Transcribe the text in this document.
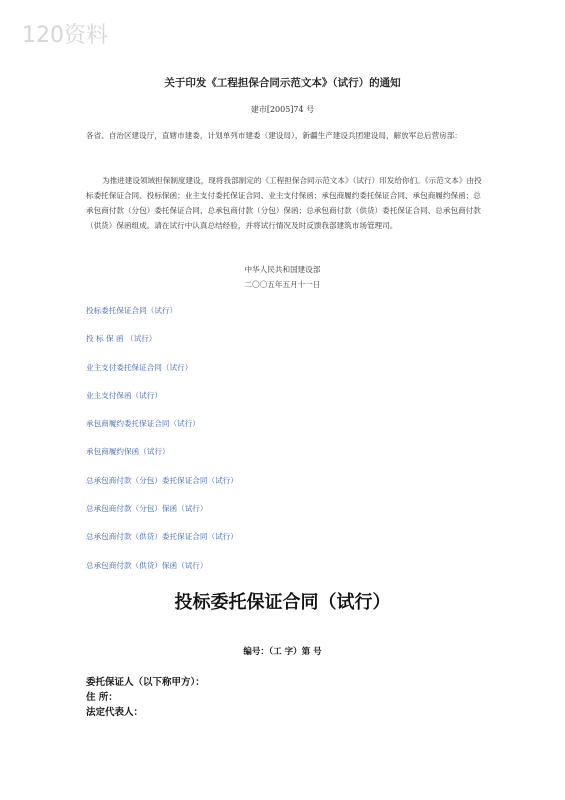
120资料
关于印发《工程担保合同示范文本》（试行）的通知
建市[2005]74 号
各省、自治区建设厅，直辖市建委，计划单列市建委（建设局），新疆生产建设兵团建设局，解放军总后营房部：
为推进建设领域担保制度建设，现将我部制定的《工程担保合同示范文本》（试行）印发给你们。《示范文本》由投标委托保证合同、投标保函；业主支付委托保证合同、业主支付保函；承包商履约委托保证合同、承包商履约保函；总承包商付款（分包）委托保证合同、总承包商付款（分包）保函；总承包商付款（供货）委托保证合同、总承包商付款（供货）保函组成。请在试行中认真总结经验，并将试行情况及时反馈我部建筑市场管理司。
中华人民共和国建设部
二〇〇五年五月十一日
投标委托保证合同（试行）
投 标 保 函 （试行）
业主支付委托保证合同（试行）
业主支付保函（试行）
承包商履约委托保证合同（试行）
承包商履约保函（试行）
总承包商付款（分包）委托保证合同（试行）
总承包商付款（分包）保函（试行）
总承包商付款（供货）委托保证合同（试行）
总承包商付款（供货）保函（试行）
投标委托保证合同（试行）
编号：（工 字）第 号
委托保证人（以下称甲方）：
住 所：
法定代表人：
